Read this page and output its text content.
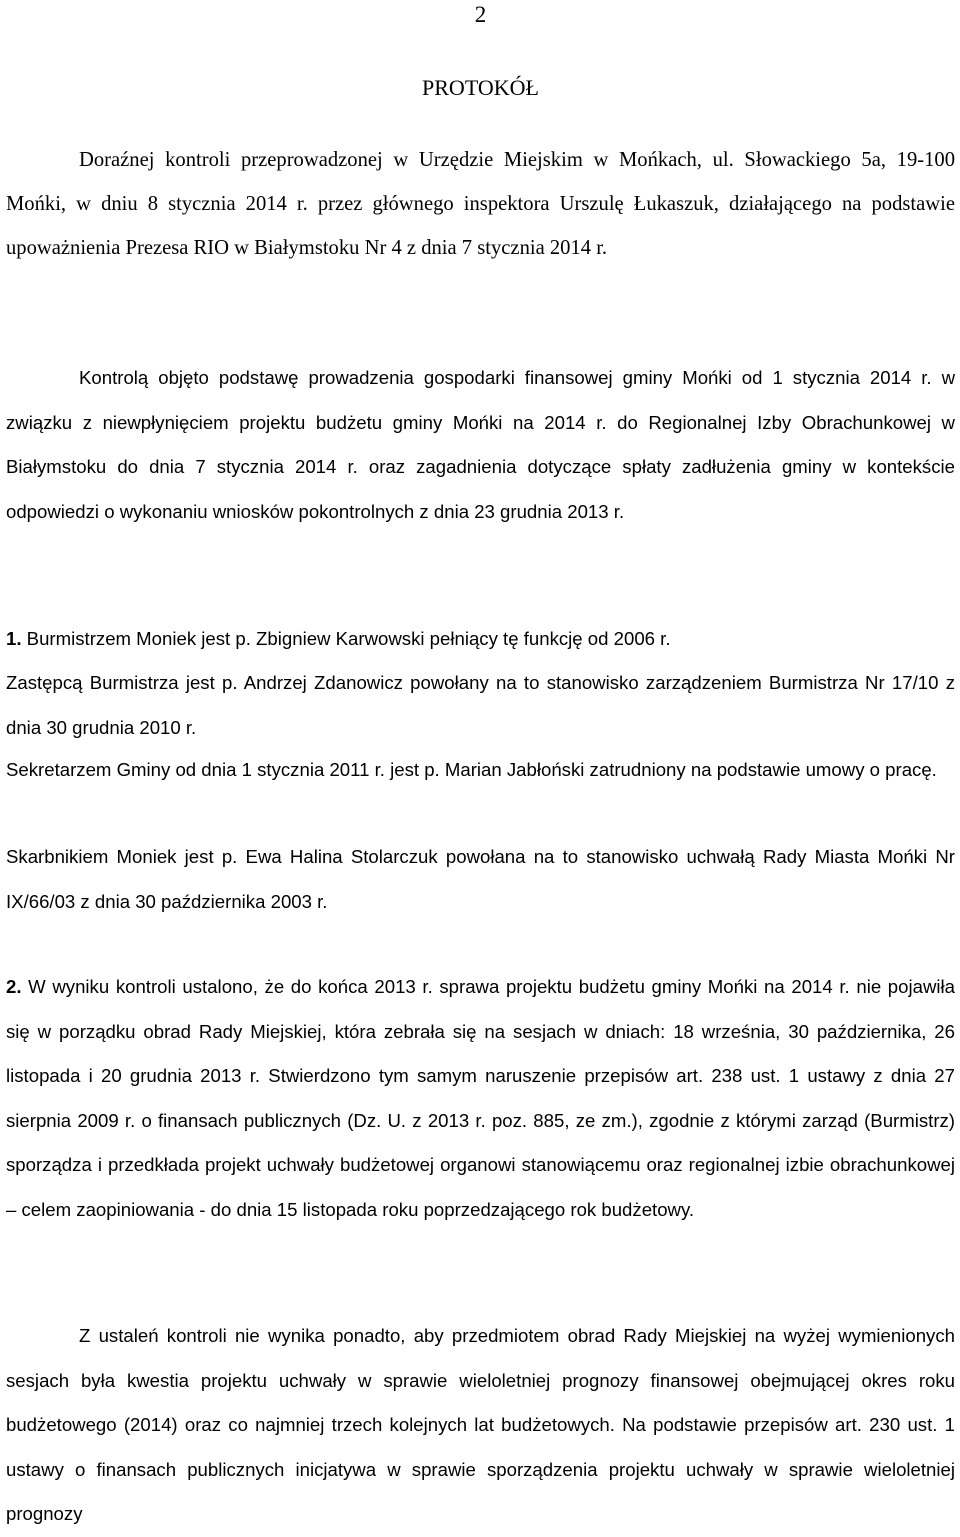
2
PROTOKÓŁ

Doraźnej kontroli przeprowadzonej w Urzędzie Miejskim w Mońkach, ul. Słowackiego 5a, 19-100 Mońki, w dniu 8 stycznia 2014 r. przez głównego inspektora Urszulę Łukaszuk, działającego na podstawie upoważnienia Prezesa RIO w Białymstoku Nr 4 z dnia 7 stycznia 2014 r.

Kontrolą objęto podstawę prowadzenia gospodarki finansowej gminy Mońki od 1 stycznia 2014 r. w związku z niewpłynięciem projektu budżetu gminy Mońki na 2014 r. do Regionalnej Izby Obrachunkowej w Białymstoku do dnia 7 stycznia 2014 r. oraz zagadnienia dotyczące spłaty zadłużenia gminy w kontekście odpowiedzi o wykonaniu wniosków pokontrolnych z dnia 23 grudnia 2013 r.

1. Burmistrzem Moniek jest p. Zbigniew Karwowski pełniący tę funkcję od 2006 r.

Zastępcą Burmistrza jest p. Andrzej Zdanowicz powołany na to stanowisko zarządzeniem Burmistrza Nr 17/10 z dnia 30 grudnia 2010 r.

Sekretarzem Gminy od dnia 1 stycznia 2011 r. jest p. Marian Jabłoński zatrudniony na podstawie umowy o pracę.

Skarbnikiem Moniek jest p. Ewa Halina Stolarczuk powołana na to stanowisko uchwałą Rady Miasta Mońki Nr IX/66/03 z dnia 30 października 2003 r.

2. W wyniku kontroli ustalono, że do końca 2013 r. sprawa projektu budżetu gminy Mońki na 2014 r. nie pojawiła się w porządku obrad Rady Miejskiej, która zebrała się na sesjach w dniach: 18 września, 30 października, 26 listopada i 20 grudnia 2013 r. Stwierdzono tym samym naruszenie przepisów art. 238 ust. 1 ustawy z dnia 27 sierpnia 2009 r. o finansach publicznych (Dz. U. z 2013 r. poz. 885, ze zm.), zgodnie z którymi zarząd (Burmistrz) sporządza i przedkłada projekt uchwały budżetowej organowi stanowiącemu oraz regionalnej izbie obrachunkowej – celem zaopiniowania - do dnia 15 listopada roku poprzedzającego rok budżetowy.

Z ustaleń kontroli nie wynika ponadto, aby przedmiotem obrad Rady Miejskiej na wyżej wymienionych sesjach była kwestia projektu uchwały w sprawie wieloletniej prognozy finansowej obejmującej okres roku budżetowego (2014) oraz co najmniej trzech kolejnych lat budżetowych. Na podstawie przepisów art. 230 ust. 1 ustawy o finansach publicznych inicjatywa w sprawie sporządzenia projektu uchwały w sprawie wieloletniej prognozy
